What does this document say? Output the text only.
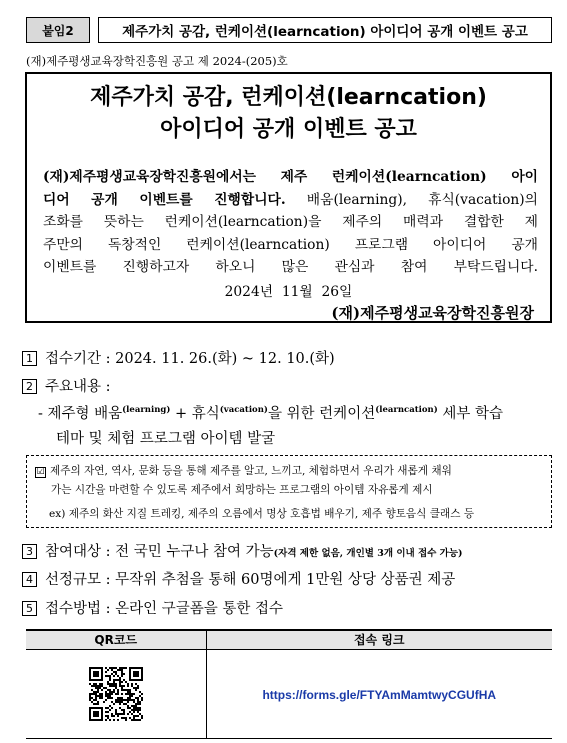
붙임2	제주가치 공감, 런케이션(learncation) 아이디어 공개 이벤트 공고
(재)제주평생교육장학진흥원 공고 제 2024-(205)호
제주가치 공감, 런케이션(learncation)
아이디어 공개 이벤트 공고
(재)제주평생교육장학진흥원에서는 제주 런케이션(learncation) 아이
디어 공개 이벤트를 진행합니다. 배움(learning), 휴식(vacation)의
조화를 뜻하는 런케이션(learncation)을 제주의 매력과 결합한 제
주만의 독창적인 런케이션(learncation) 프로그램 아이디어 공개
이벤트를 진행하고자 하오니 많은 관심과 참여 부탁드립니다.
2024년  11월  26일
(재)제주평생교육장학진흥원장
1 접수기간 : 2024. 11. 26.(화) ~ 12. 10.(화)
2 주요내용 :
- 제주형 배움$^{(learning)}$ + 휴식$^{(vacation)}$을 위한 런케이션$^{(learncation)}$ 세부 학습
테마 및 체험 프로그램 아이템 발굴
☑ 제주의 자연, 역사, 문화 등을 통해 제주를 알고, 느끼고, 체험하면서 우리가 새롭게 채워
가는 시간을 마련할 수 있도록 제주에서 희망하는 프로그램의 아이템 자유롭게 제시
ex) 제주의 화산 지질 트레킹, 제주의 오름에서 명상 호흡법 배우기, 제주 향토음식 클래스 등
3 참여대상 : 전 국민 누구나 참여 가능(자격 제한 없음, 개인별 3개 이내 접수 가능)
4 선정규모 : 무작위 추첨을 통해 60명에게 1만원 상당 상품권 제공
5 접수방법 : 온라인 구글폼을 통한 접수
QR코드	접속 링크

	https://forms.gle/FTYAmMamtwyCGUfHA
